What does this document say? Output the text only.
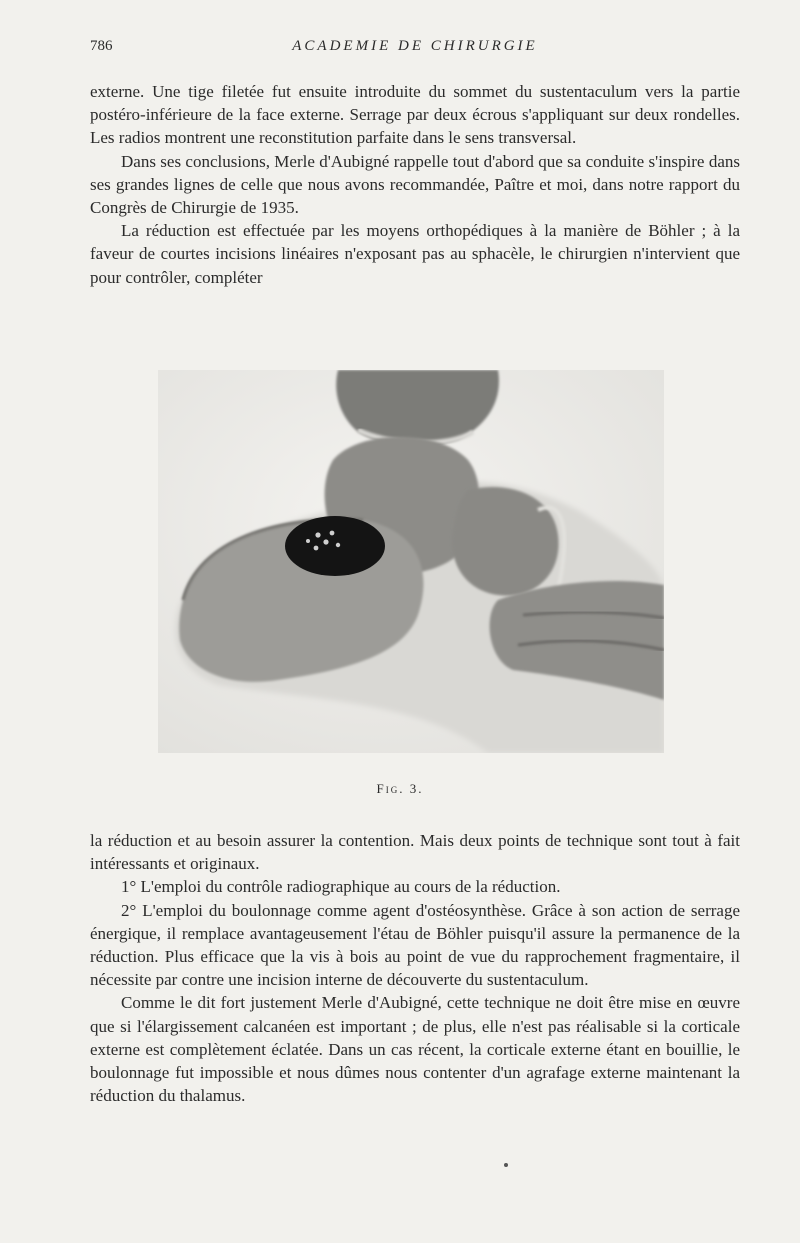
786	ACADEMIE DE CHIRURGIE

externe. Une tige filetée fut ensuite introduite du sommet du sustentaculum vers la partie postéro-inférieure de la face externe. Serrage par deux écrous s'appliquant sur deux rondelles. Les radios montrent une reconstitution parfaite dans le sens transversal.

Dans ses conclusions, Merle d'Aubigné rappelle tout d'abord que sa conduite s'inspire dans ses grandes lignes de celle que nous avons recommandée, Paître et moi, dans notre rapport du Congrès de Chirurgie de 1935.

La réduction est effectuée par les moyens orthopédiques à la manière de Böhler ; à la faveur de courtes incisions linéaires n'exposant pas au sphacèle, le chirurgien n'intervient que pour contrôler, compléter

Fig. 3.

la réduction et au besoin assurer la contention. Mais deux points de technique sont tout à fait intéressants et originaux.

1° L'emploi du contrôle radiographique au cours de la réduction.

2° L'emploi du boulonnage comme agent d'ostéosynthèse. Grâce à son action de serrage énergique, il remplace avantageusement l'étau de Böhler puisqu'il assure la permanence de la réduction. Plus efficace que la vis à bois au point de vue du rapprochement fragmentaire, il nécessite par contre une incision interne de découverte du sustentaculum.

Comme le dit fort justement Merle d'Aubigné, cette technique ne doit être mise en œuvre que si l'élargissement calcanéen est important ; de plus, elle n'est pas réalisable si la corticale externe est complètement éclatée. Dans un cas récent, la corticale externe étant en bouillie, le boulonnage fut impossible et nous dûmes nous contenter d'un agrafage externe maintenant la réduction du thalamus.
